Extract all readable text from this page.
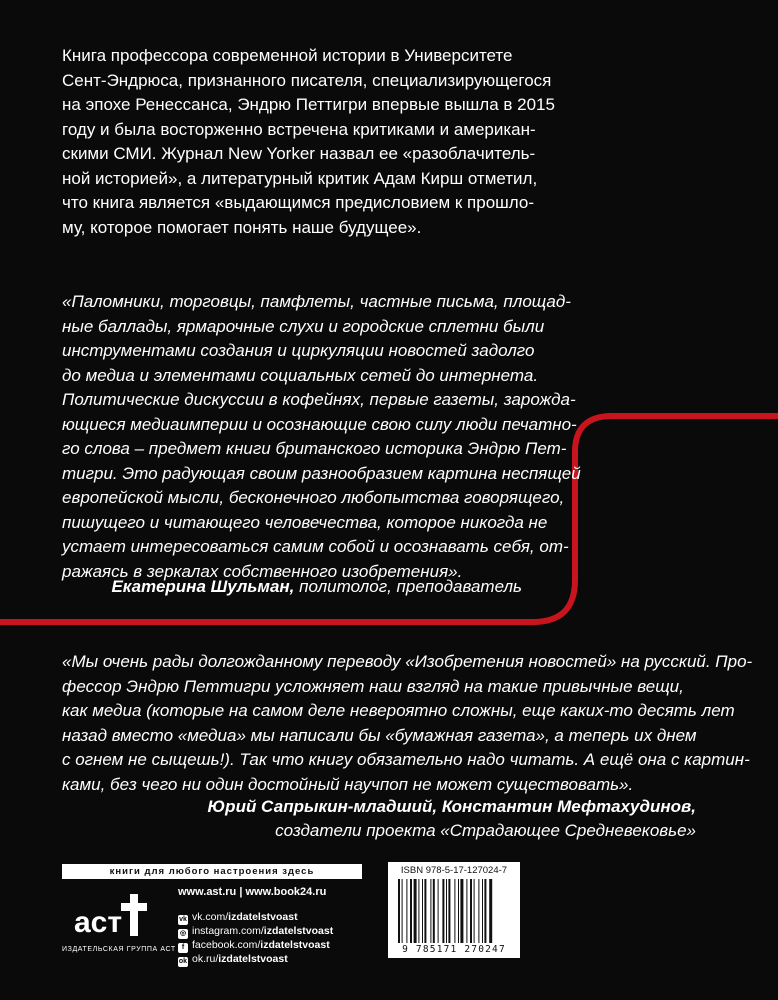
Книга профессора современной истории в Университете
Сент-Эндрюса, признанного писателя, специализирующегося
на эпохе Ренессанса, Эндрю Петтигри впервые вышла в 2015
году и была восторженно встречена критиками и американ-
скими СМИ. Журнал New Yorker назвал ее «разоблачитель-
ной историей», а литературный критик Адам Кирш отметил,
что книга является «выдающимся предисловием к прошло-
му, которое помогает понять наше будущее».
«Паломники, торговцы, памфлеты, частные письма, площад-
ные баллады, ярмарочные слухи и городские сплетни были
инструментами создания и циркуляции новостей задолго
до медиа и элементами социальных сетей до интернета.
Политические дискуссии в кофейнях, первые газеты, зарожда-
ющиеся медиаимперии и осознающие свою силу люди печатно-
го слова – предмет книги британского историка Эндрю Пет-
тигри. Это радующая своим разнообразием картина неспящей
европейской мысли, бесконечного любопытства говорящего,
пишущего и читающего человечества, которое никогда не
устает интересоваться самим собой и осознавать себя, от-
ражаясь в зеркалах собственного изобретения».
Екатерина Шульман, политолог, преподаватель
«Мы очень рады долгожданному переводу «Изобретения новостей» на русский. Про-
фессор Эндрю Петтигри усложняет наш взгляд на такие привычные вещи,
как медиа (которые на самом деле невероятно сложны, еще каких-то десять лет
назад вместо «медиа» мы написали бы «бумажная газета», а теперь их днем
с огнем не сыщешь!). Так что книгу обязательно надо читать. А ещё она с картин-
ками, без чего ни один достойный научпоп не может существовать».
Юрий Сапрыкин-младший, Константин Мефтахудинов,
создатели проекта «Страдающее Средневековье»
книги для любого настроения здесь
аст
ИЗДАТЕЛЬСКАЯ ГРУППА АСТ
www.ast.ru | www.book24.ru
vk vk.com/izdatelstvoast
◎ instagram.com/izdatelstvoast
f facebook.com/izdatelstvoast
ok ok.ru/izdatelstvoast
ISBN 978-5-17-127024-7
9 785171 270247
